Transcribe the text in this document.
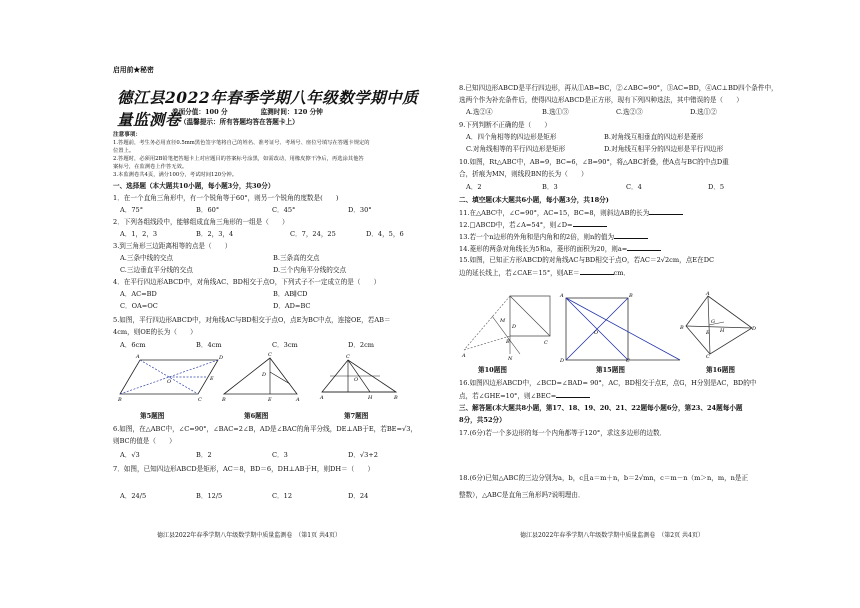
启用前★秘密
德江县2022年春季学期八年级数学期中质量监测卷
卷面分值：100 分　　　　　监测时间：120 分钟
（温馨提示：所有答题均答在答题卡上）
注意事项：
1.答题前，考生务必用直径0.5mm黑色签字笔将自己的姓名、准考证号、考场号、座位号填写在答题卡规定的
位置上。
2.答题时，必须用2B铅笔把答题卡上对应题目的答案标号涂黑，如需改动，用橡皮擦干净后，再选涂其他答
案标号，在监测卷上作答无效。
3.本监测卷共4页，满分100分，考试时间120分钟。
一、选择题（本大题共10小题，每小题3分，共30分）
1．在一个直角三角形中，有一个锐角等于60°，则另一个锐角的度数是(　　)
A．75°	B．60°	C．45°	D．30°
2．下列各组线段中，能够组成直角三角形的一组是（　　）
A．1，2，3	B．2，3，4	C．7，24，25	D．4，5，6
3.到三角形三边距离相等的点是（　　）
A.三条中线的交点	B.三条高的交点
C.三边垂直平分线的交点	D.三个内角平分线的交点
4．在平行四边形ABCD中，对角线AC、BD相交于点O，下列式子不一定成立的是（　　）
A．AC=BD	B．AB∥CD
C．OA=OC	D．AD=BC
5.如图，平行四边形ABCD中，对角线AC与BD相交于点O，点E为BC中点，连接OE，若AB＝
4cm，则OE的长为（　　）
A．6cm	B．4cm	C．3cm	D．2cm
A	D
B	C
O	E
C
B	A
D
E
C
A	B
H
O
第5题图	第6题图	第7题图
6.如图，在△ABC中，∠C=90°，∠BAC=2∠B，AD是∠BAC的角平分线，DE⊥AB于E，若BE=√3，
则BC的值是（　　）
A．√3	B．2	C．3	D．√3+2
7．如图，已知四边形ABCD是矩形，AC＝8，BD＝6，DH⊥AB于H，则DH＝（　　）
A．24/5	B．12/5	C．12	D．24
德江县2022年春季学期八年级数学期中质量监测卷　（第1页 共4页）
8.已知四边形ABCD是平行四边形，再从①AB=BC，②∠ABC=90°，③AC=BD，④AC⊥BD四个条件中，
选两个作为补充条件后，使得四边形ABCD是正方形，现有下列四种选法，其中错误的是（　　）
A.选②④	B.选①③	C.选②③	D.选①②
9.下列判断不正确的是（　　）
A．四个角相等的四边形是矩形	B.对角线互相垂直的四边形是菱形
C.对角线相等的平行四边形是矩形	D.对角线互相平分的四边形是平行四边形
10.如图，Rt△ABC中，AB=9，BC=6，∠B=90°，将△ABC折叠，使A点与BC的中点D重
合，折痕为MN，则线段BN的长为（　　）
A．2	B．3	C．4	D．5
二、填空题(本大题共6小题，每小题3分，共18分)
11.在△ABC中，∠C=90°，AC=15，BC=8，则斜边AB的长为
12.□ABCD中，若∠A=54°，则∠D=
13.若一个n边形的外角和是内角和的2倍，则n的值为
14.菱形的两条对角线长为5和a，菱形的面积为20，则a=
15.如图，已知正方形ABCD的对角线AC与BD相交于点O，若AC＝2√2cm，点E在DC
边的延长线上，若∠CAE＝15°，则AE＝	cm．
M
A	N
C
B
D
A	B
D	C
O
A
B	D
C
G
H
E
第10题图	第15题图	第16题图
16.如图四边形ABCD中，∠BCD=∠BAD= 90°，AC，BD相交于点E，点G，H分别是AC，BD的中
点，若∠GHE=10°，则∠BEC=
三、解答题(本大题共8小题，第17、18、19、20、21、22题每小题6分，第23、24题每小题
8分，共52分）
17.(6分)若一个多边形的每一个内角都等于120°，求这多边形的边数．
18.(6分)已知△ABC的三边分别为a，b，c且a＝m＋n，b＝2√mn，c＝m－n（m＞n，m，n是正
整数），△ABC是直角三角形吗?说明理由．
德江县2022年春季学期八年级数学期中质量监测卷　（第2页 共4页）
